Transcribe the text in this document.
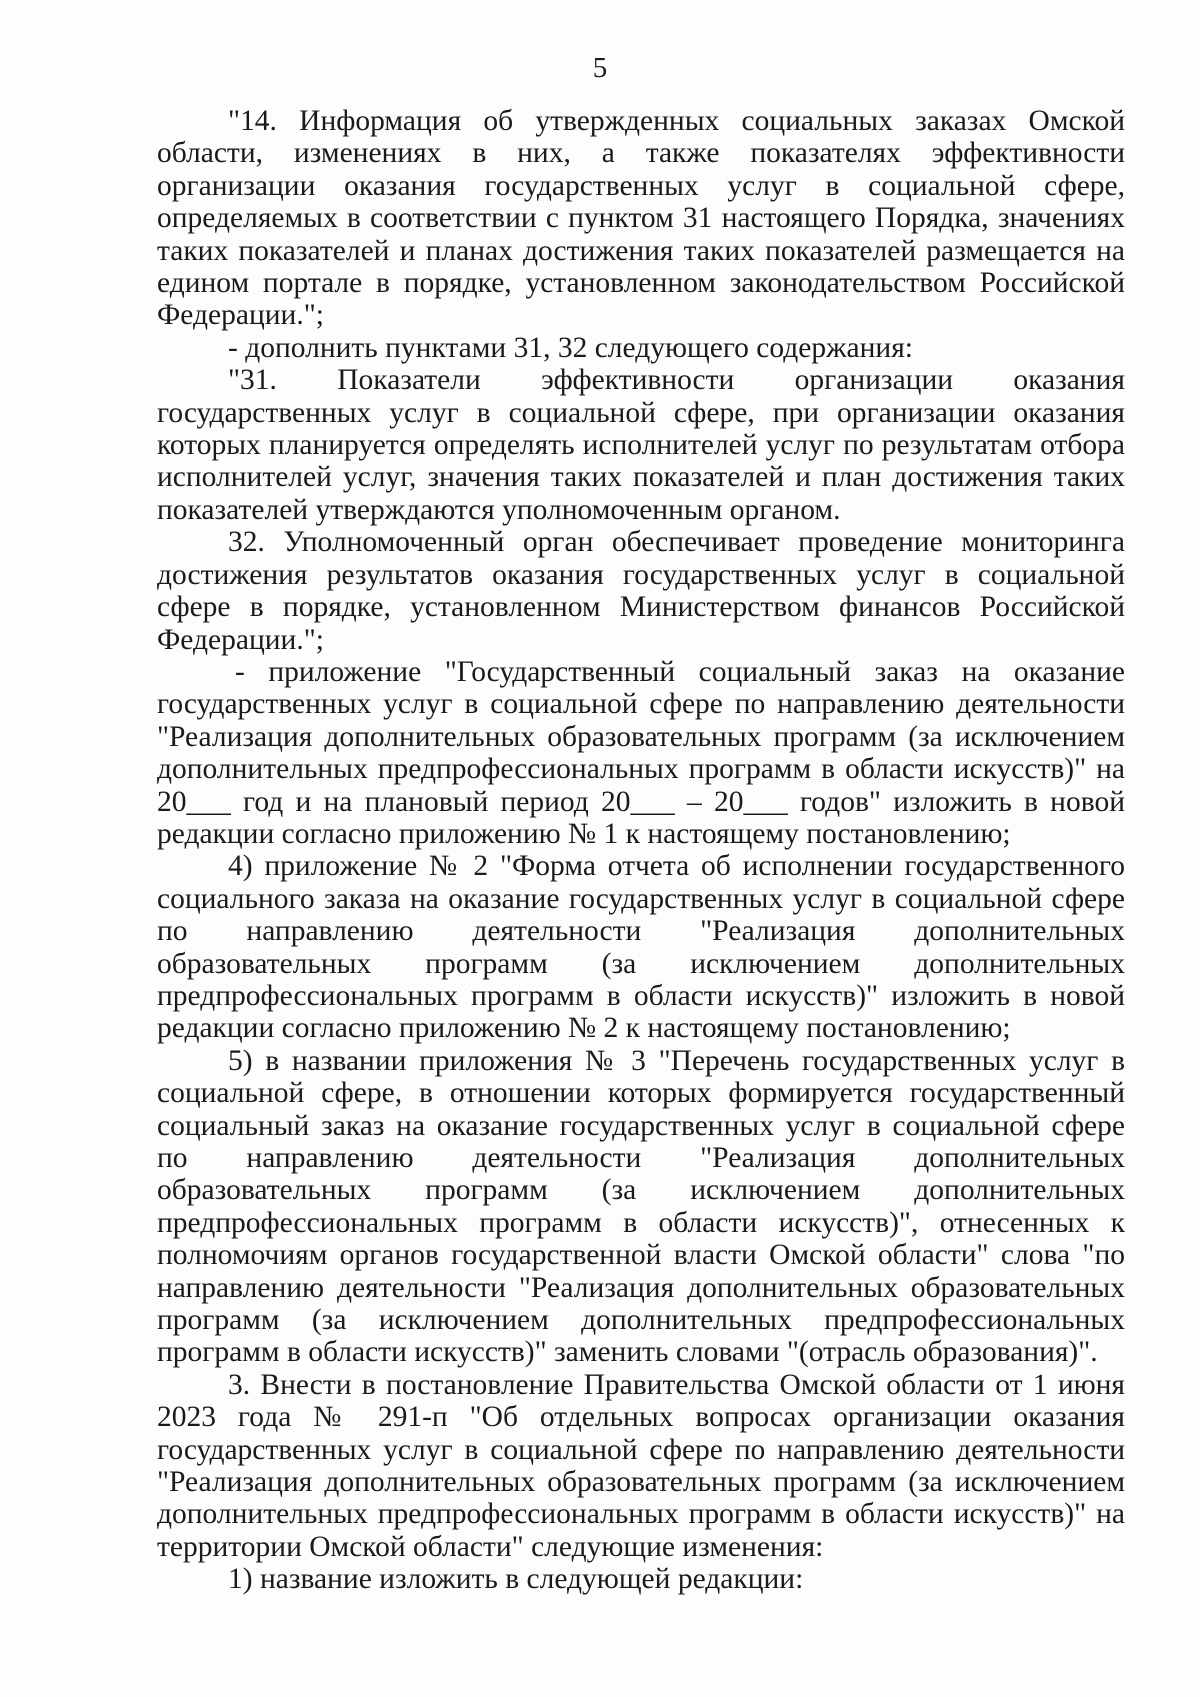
5

"14. Информация об утвержденных социальных заказах Омской области, изменениях в них, а также показателях эффективности организации оказания государственных услуг в социальной сфере, определяемых в соответствии с пунктом 31 настоящего Порядка, значениях таких показателей и планах достижения таких показателей размещается на едином портале в порядке, установленном законодательством Российской Федерации.";

- дополнить пунктами 31, 32 следующего содержания:

"31. Показатели эффективности организации оказания государственных услуг в социальной сфере, при организации оказания которых планируется определять исполнителей услуг по результатам отбора исполнителей услуг, значения таких показателей и план достижения таких показателей утверждаются уполномоченным органом.

32. Уполномоченный орган обеспечивает проведение мониторинга достижения результатов оказания государственных услуг в социальной сфере в порядке, установленном Министерством финансов Российской Федерации.";

- приложение "Государственный социальный заказ на оказание государственных услуг в социальной сфере по направлению деятельности "Реализация дополнительных образовательных программ (за исключением дополнительных предпрофессиональных программ в области искусств)" на 20___ год и на плановый период 20___ – 20___ годов" изложить в новой редакции согласно приложению № 1 к настоящему постановлению;

4) приложение № 2 "Форма отчета об исполнении государственного социального заказа на оказание государственных услуг в социальной сфере по направлению деятельности "Реализация дополнительных образовательных программ (за исключением дополнительных предпрофессиональных программ в области искусств)" изложить в новой редакции согласно приложению № 2 к настоящему постановлению;

5) в названии приложения № 3 "Перечень государственных услуг в социальной сфере, в отношении которых формируется государственный социальный заказ на оказание государственных услуг в социальной сфере по направлению деятельности "Реализация дополнительных образовательных программ (за исключением дополнительных предпрофессиональных программ в области искусств)", отнесенных к полномочиям органов государственной власти Омской области" слова "по направлению деятельности "Реализация дополнительных образовательных программ (за исключением дополнительных предпрофессиональных программ в области искусств)" заменить словами "(отрасль образования)".

3. Внести в постановление Правительства Омской области от 1 июня 2023 года № 291-п "Об отдельных вопросах организации оказания государственных услуг в социальной сфере по направлению деятельности "Реализация дополнительных образовательных программ (за исключением дополнительных предпрофессиональных программ в области искусств)" на территории Омской области" следующие изменения:

1) название изложить в следующей редакции:
